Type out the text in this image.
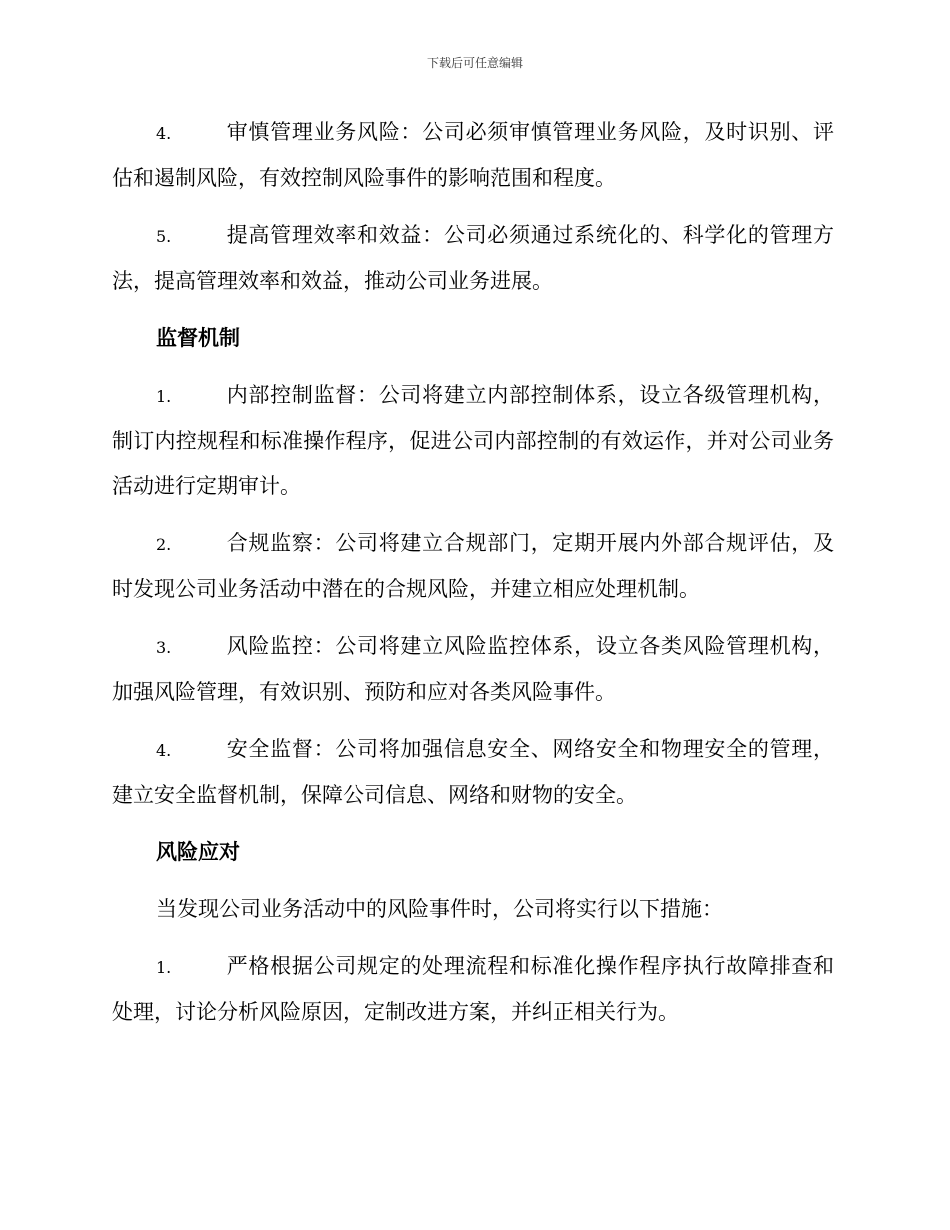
下载后可任意编辑

4.	审慎管理业务风险：公司必须审慎管理业务风险，及时识别、评估和遏制风险，有效控制风险事件的影响范围和程度。

5.	提高管理效率和效益：公司必须通过系统化的、科学化的管理方法，提高管理效率和效益，推动公司业务进展。

监督机制

1.	内部控制监督：公司将建立内部控制体系，设立各级管理机构，制订内控规程和标准操作程序，促进公司内部控制的有效运作，并对公司业务活动进行定期审计。

2.	合规监察：公司将建立合规部门，定期开展内外部合规评估，及时发现公司业务活动中潜在的合规风险，并建立相应处理机制。

3.	风险监控：公司将建立风险监控体系，设立各类风险管理机构，加强风险管理，有效识别、预防和应对各类风险事件。

4.	安全监督：公司将加强信息安全、网络安全和物理安全的管理，建立安全监督机制，保障公司信息、网络和财物的安全。

风险应对

当发现公司业务活动中的风险事件时，公司将实行以下措施：

1.	严格根据公司规定的处理流程和标准化操作程序执行故障排查和处理，讨论分析风险原因，定制改进方案，并纠正相关行为。
